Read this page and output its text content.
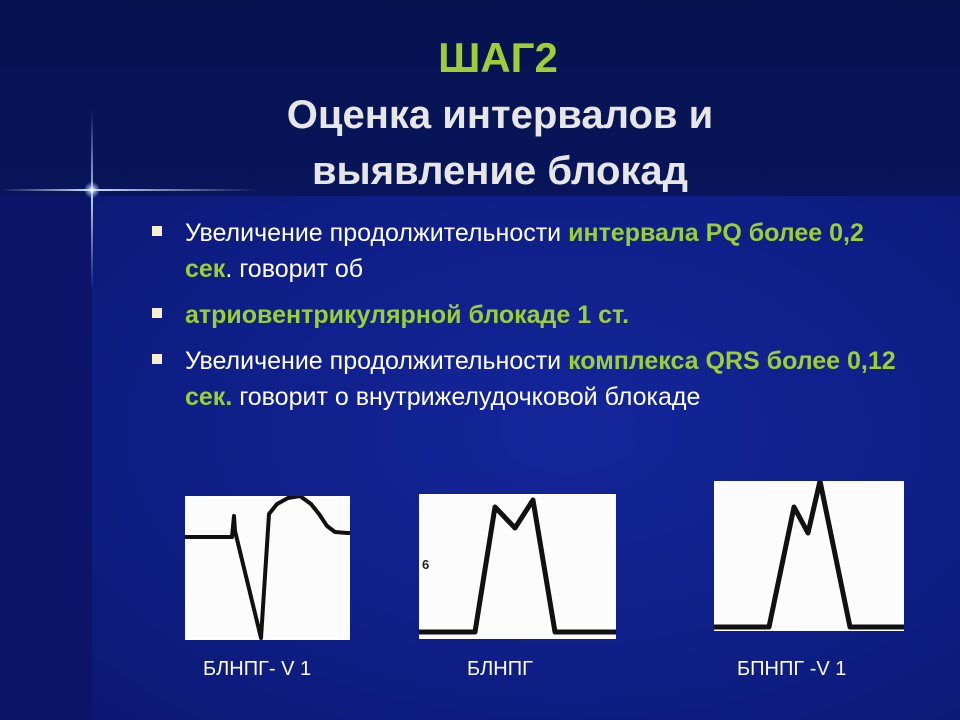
ШАГ2
Оценка интервалов и
выявление блокад
Увеличение продолжительности интервала PQ более 0,2 сек. говорит об
атриовентрикулярной блокаде 1 ст.
Увеличение продолжительности комплекса QRS более 0,12 сек. говорит о внутрижелудочковой блокаде
6
БЛНПГ- V 1	БЛНПГ	БПНПГ -V 1
